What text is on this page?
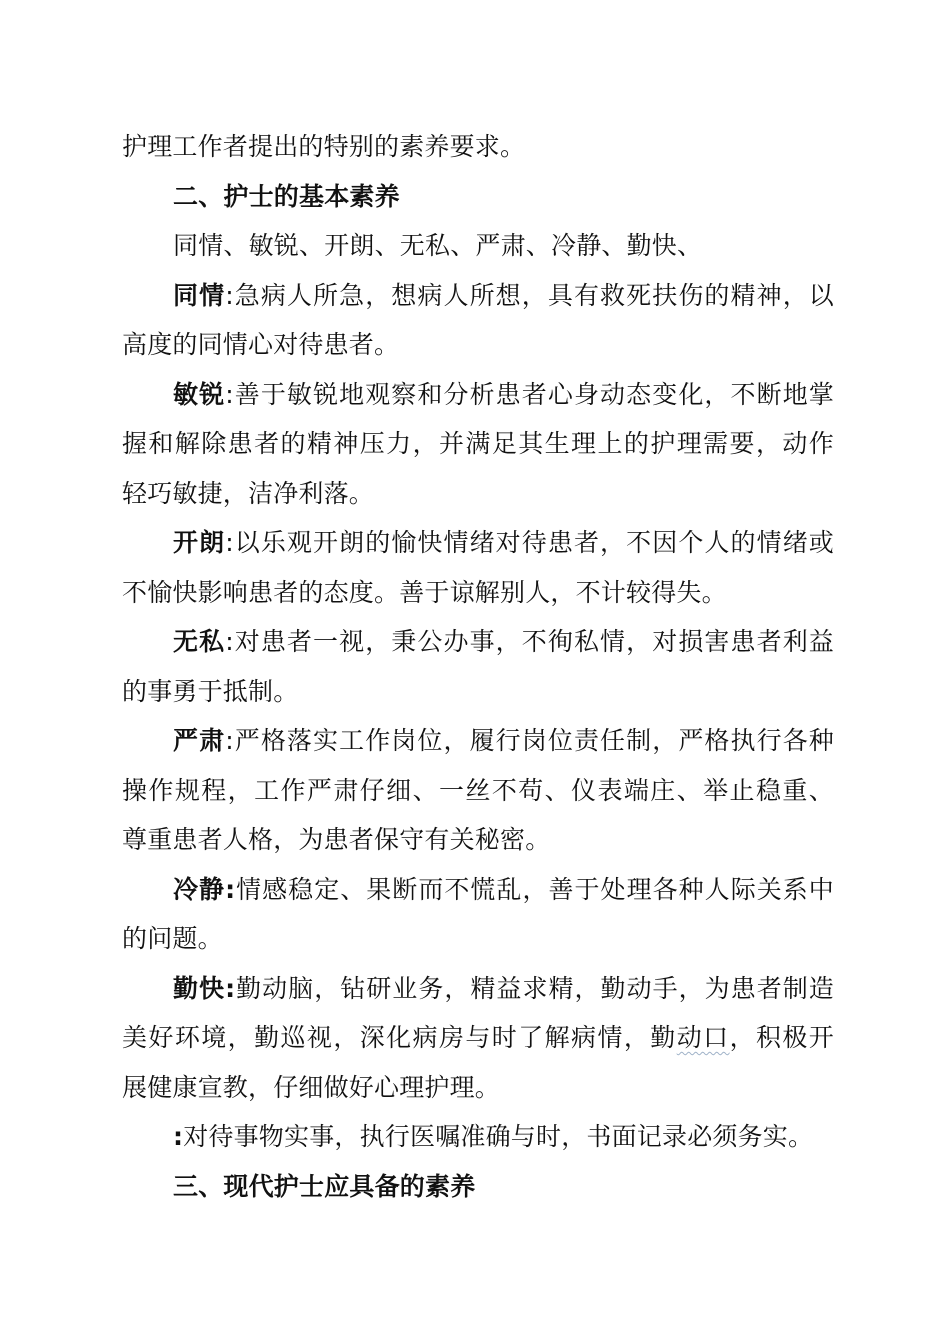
护理工作者提出的特别的素养要求。
二、护士的基本素养
同情、敏锐、开朗、无私、严肃、冷静、勤快、
同情:急病人所急，想病人所想，具有救死扶伤的精神，以
高度的同情心对待患者。
敏锐:善于敏锐地观察和分析患者心身动态变化，不断地掌
握和解除患者的精神压力，并满足其生理上的护理需要，动作
轻巧敏捷，洁净利落。
开朗:以乐观开朗的愉快情绪对待患者，不因个人的情绪或
不愉快影响患者的态度。善于谅解别人，不计较得失。
无私:对患者一视，秉公办事，不徇私情，对损害患者利益
的事勇于抵制。
严肃:严格落实工作岗位，履行岗位责任制，严格执行各种
操作规程，工作严肃仔细、一丝不苟、仪表端庄、举止稳重、
尊重患者人格，为患者保守有关秘密。
冷静:情感稳定、果断而不慌乱，善于处理各种人际关系中
的问题。
勤快:勤动脑，钻研业务，精益求精，勤动手，为患者制造
美好环境，勤巡视，深化病房与时了解病情，勤动口，积极开
展健康宣教，仔细做好心理护理。
:对待事物实事，执行医嘱准确与时，书面记录必须务实。
三、现代护士应具备的素养
